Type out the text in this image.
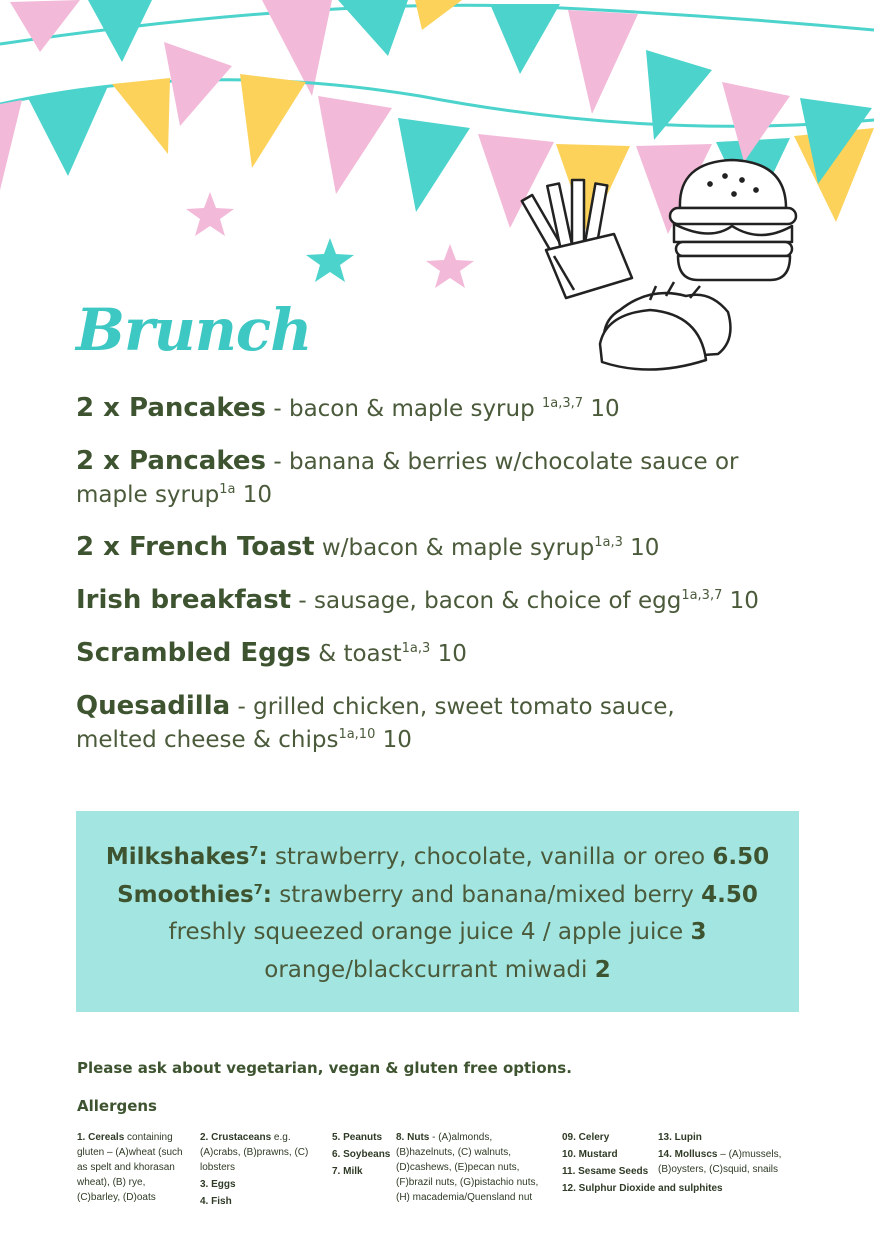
Brunch
2 x Pancakes - bacon & maple syrup $^{1a,3,7}$ 10
2 x Pancakes - banana & berries w/chocolate sauce or maple syrup$^{1a}$ 10
2 x French Toast w/bacon & maple syrup$^{1a,3}$ 10
Irish breakfast - sausage, bacon & choice of egg$^{1a,3,7}$ 10
Scrambled Eggs & toast$^{1a,3}$ 10
Quesadilla - grilled chicken, sweet tomato sauce, melted cheese & chips$^{1a,10}$ 10
Milkshakes$^7$: strawberry, chocolate, vanilla or oreo 6.50
Smoothies$^7$: strawberry and banana/mixed berry 4.50
freshly squeezed orange juice 4 / apple juice 3
orange/blackcurrant miwadi 2
Please ask about vegetarian, vegan & gluten free options.
Allergens
1. Cereals containing gluten – (A)wheat (such as spelt and khorasan wheat), (B) rye, (C)barley, (D)oats
2. Crustaceans e.g. (A)crabs, (B)prawns, (C) lobsters
3. Eggs
4. Fish
5. Peanuts
6. Soybeans
7. Milk
8. Nuts - (A)almonds, (B)hazelnuts, (C) walnuts, (D)cashews, (E)pecan nuts, (F)brazil nuts, (G)pistachio nuts, (H) macademia/Quensland nut
09. Celery
10. Mustard
11. Sesame Seeds
12. Sulphur Dioxide and sulphites
13. Lupin
14. Molluscs – (A)mussels, (B)oysters, (C)squid, snails
